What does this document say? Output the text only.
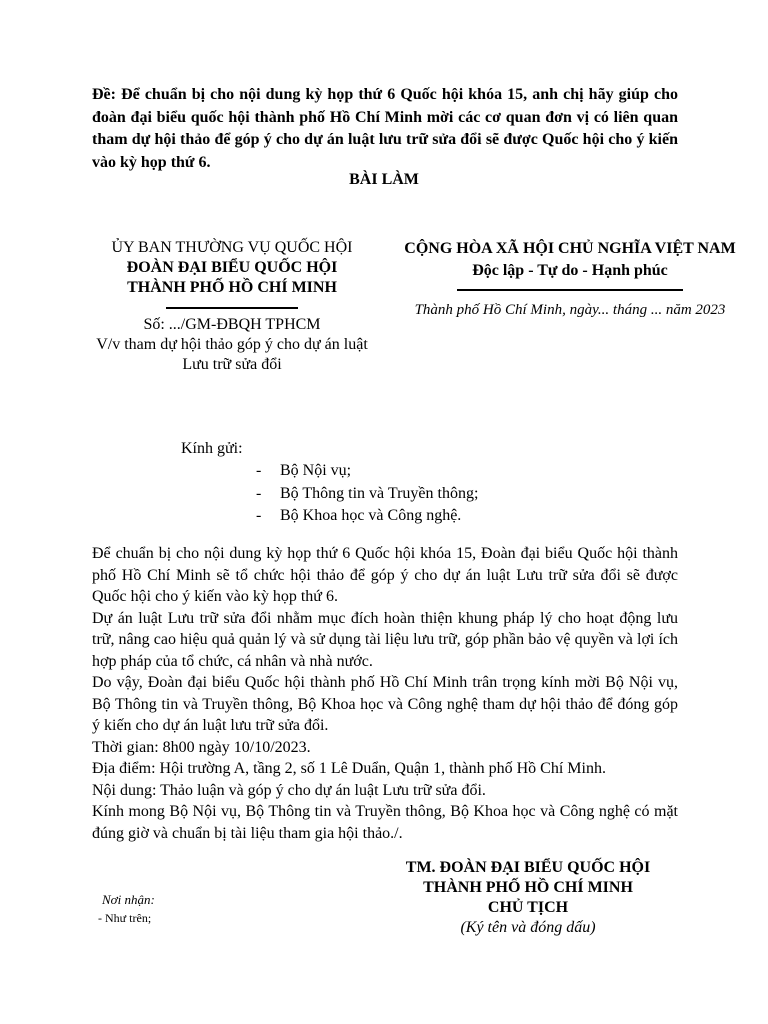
Đề: Để chuẩn bị cho nội dung kỳ họp thứ 6 Quốc hội khóa 15, anh chị hãy giúp cho đoàn đại biểu quốc hội thành phố Hồ Chí Minh mời các cơ quan đơn vị có liên quan tham dự hội thảo để góp ý cho dự án luật lưu trữ sửa đổi sẽ được Quốc hội cho ý kiến vào kỳ họp thứ 6.
BÀI LÀM
ỦY BAN THƯỜNG VỤ QUỐC HỘI
ĐOÀN ĐẠI BIỂU QUỐC HỘI
THÀNH PHỐ HỒ CHÍ MINH
Số: .../GM-ĐBQH TPHCM
V/v tham dự hội thảo góp ý cho dự án luật Lưu trữ sửa đổi
CỘNG HÒA XÃ HỘI CHỦ NGHĨA VIỆT NAM
Độc lập - Tự do - Hạnh phúc
Thành phố Hồ Chí Minh, ngày... tháng ... năm 2023
Kính gửi:
- Bộ Nội vụ;
- Bộ Thông tin và Truyền thông;
- Bộ Khoa học và Công nghệ.

Để chuẩn bị cho nội dung kỳ họp thứ 6 Quốc hội khóa 15, Đoàn đại biểu Quốc hội thành phố Hồ Chí Minh sẽ tổ chức hội thảo để góp ý cho dự án luật Lưu trữ sửa đổi sẽ được Quốc hội cho ý kiến vào kỳ họp thứ 6.

Dự án luật Lưu trữ sửa đổi nhằm mục đích hoàn thiện khung pháp lý cho hoạt động lưu trữ, nâng cao hiệu quả quản lý và sử dụng tài liệu lưu trữ, góp phần bảo vệ quyền và lợi ích hợp pháp của tổ chức, cá nhân và nhà nước.

Do vậy, Đoàn đại biểu Quốc hội thành phố Hồ Chí Minh trân trọng kính mời Bộ Nội vụ, Bộ Thông tin và Truyền thông, Bộ Khoa học và Công nghệ tham dự hội thảo để đóng góp ý kiến cho dự án luật lưu trữ sửa đổi.

Thời gian: 8h00 ngày 10/10/2023.

Địa điểm: Hội trường A, tầng 2, số 1 Lê Duẩn, Quận 1, thành phố Hồ Chí Minh.

Nội dung: Thảo luận và góp ý cho dự án luật Lưu trữ sửa đổi.

Kính mong Bộ Nội vụ, Bộ Thông tin và Truyền thông, Bộ Khoa học và Công nghệ có mặt đúng giờ và chuẩn bị tài liệu tham gia hội thảo./.

TM. ĐOÀN ĐẠI BIỂU QUỐC HỘI
THÀNH PHỐ HỒ CHÍ MINH
CHỦ TỊCH
(Ký tên và đóng dấu)
Nơi nhận:
- Như trên;
